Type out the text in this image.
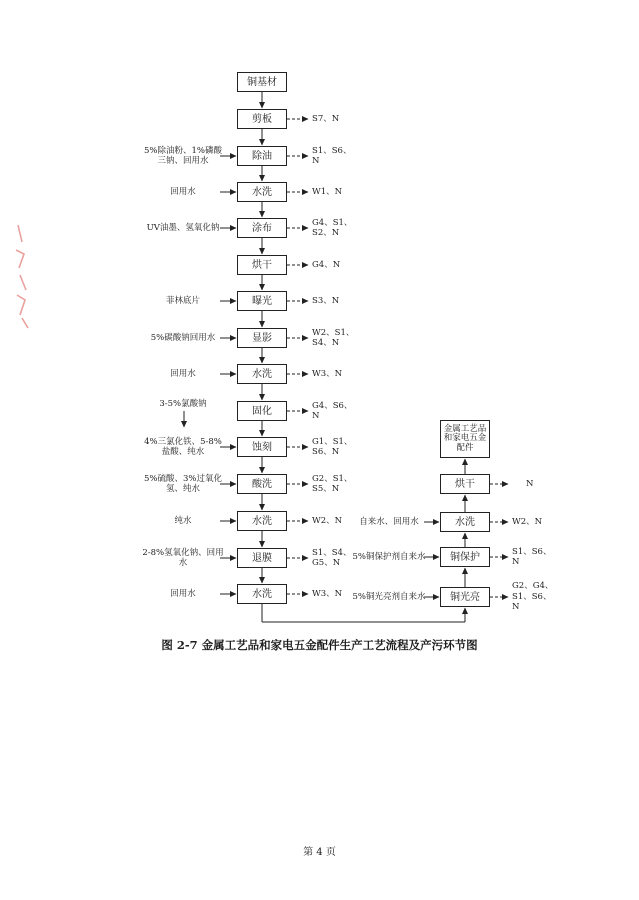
铜基材
剪板	S7、N
除油
5%除油粉、1%磷酸三钠、回用水
S1、S6、N
水洗
回用水	W1、N
涂布
UV油墨、氢氧化钠	G4、S1、S2、N
烘干	G4、N
曝光
菲林底片	S3、N
显影
5%碳酸钠回用水	W2、S1、S4、N
水洗
回用水	W3、N
固化
3-5%氯酸钠	G4、S6、N
蚀刻
4%三氯化铁、5-8%盐酸、纯水
G1、S1、S6、N
酸洗
5%硫酸、3%过氧化氢、纯水
G2、S1、S5、N
水洗
纯水	W2、N
退膜
2-8%氢氧化钠、回用水
S1、S4、G5、N
水洗
回用水	W3、N	铜光亮
5%铜光亮剂自来水
G2、G4、S1、S6、N
铜保护
5%铜保护剂自来水	S1、S6、N
水洗
自来水、回用水	W2、N
烘干	N
金属工艺品和家电五金配件
图 2-7 金属工艺品和家电五金配件生产工艺流程及产污环节图
第 4 页
